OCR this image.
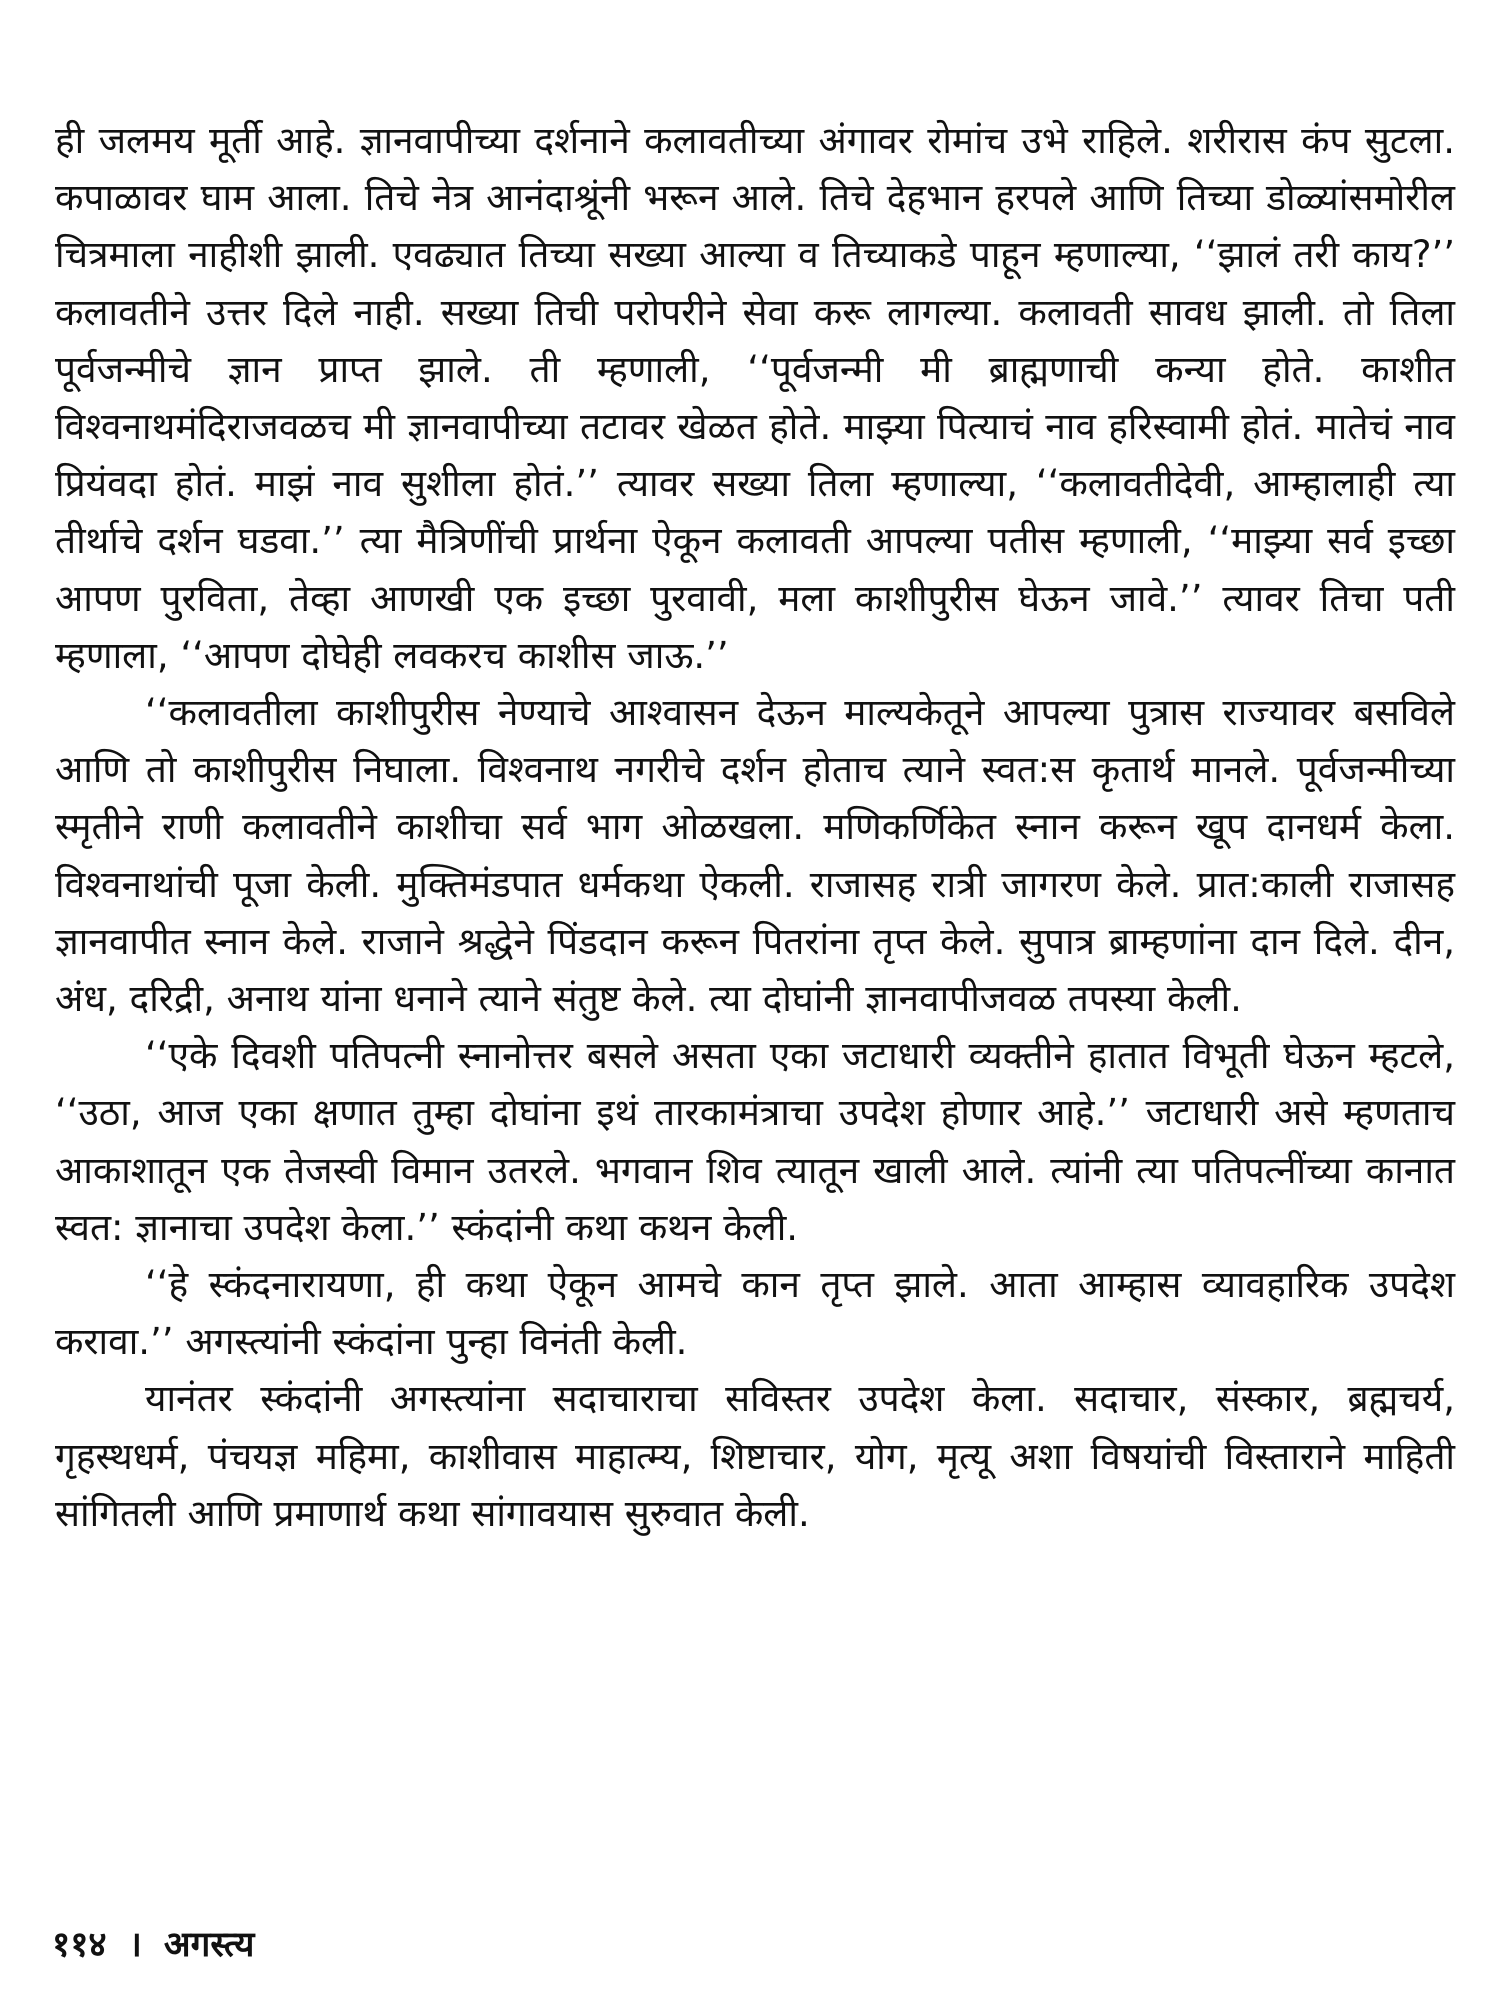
ही जलमय मूर्ती आहे. ज्ञानवापीच्या दर्शनाने कलावतीच्या अंगावर रोमांच उभे राहिले. शरीरास कंप सुटला. कपाळावर घाम आला. तिचे नेत्र आनंदाश्रूंनी भरून आले. तिचे देहभान हरपले आणि तिच्या डोळ्यांसमोरील चित्रमाला नाहीशी झाली. एवढ्यात तिच्या सख्या आल्या व तिच्याकडे पाहून म्हणाल्या, ‘‘झालं तरी काय?’’ कलावतीने उत्तर दिले नाही. सख्या तिची परोपरीने सेवा करू लागल्या. कलावती सावध झाली. तो तिला पूर्वजन्मीचे ज्ञान प्राप्त झाले. ती म्हणाली, ‘‘पूर्वजन्मी मी ब्राह्मणाची कन्या होते. काशीत विश्वनाथमंदिराजवळच मी ज्ञानवापीच्या तटावर खेळत होते. माझ्या पित्याचं नाव हरिस्वामी होतं. मातेचं नाव प्रियंवदा होतं. माझं नाव सुशीला होतं.’’ त्यावर सख्या तिला म्हणाल्या, ‘‘कलावतीदेवी, आम्हालाही त्या तीर्थाचे दर्शन घडवा.’’ त्या मैत्रिणींची प्रार्थना ऐकून कलावती आपल्या पतीस म्हणाली, ‘‘माझ्या सर्व इच्छा आपण पुरविता, तेव्हा आणखी एक इच्छा पुरवावी, मला काशीपुरीस घेऊन जावे.’’ त्यावर तिचा पती म्हणाला, ‘‘आपण दोघेही लवकरच काशीस जाऊ.’’

‘‘कलावतीला काशीपुरीस नेण्याचे आश्वासन देऊन माल्यकेतूने आपल्या पुत्रास राज्यावर बसविले आणि तो काशीपुरीस निघाला. विश्वनाथ नगरीचे दर्शन होताच त्याने स्वत:स कृतार्थ मानले. पूर्वजन्मीच्या स्मृतीने राणी कलावतीने काशीचा सर्व भाग ओळखला. मणिकर्णिकेत स्नान करून खूप दानधर्म केला. विश्वनाथांची पूजा केली. मुक्तिमंडपात धर्मकथा ऐकली. राजासह रात्री जागरण केले. प्रात:काली राजासह ज्ञानवापीत स्नान केले. राजाने श्रद्धेने पिंडदान करून पितरांना तृप्त केले. सुपात्र ब्राम्हणांना दान दिले. दीन, अंध, दरिद्री, अनाथ यांना धनाने त्याने संतुष्ट केले. त्या दोघांनी ज्ञानवापीजवळ तपस्या केली.

‘‘एके दिवशी पतिपत्नी स्नानोत्तर बसले असता एका जटाधारी व्यक्तीने हातात विभूती घेऊन म्हटले, ‘‘उठा, आज एका क्षणात तुम्हा दोघांना इथं तारकामंत्राचा उपदेश होणार आहे.’’ जटाधारी असे म्हणताच आकाशातून एक तेजस्वी विमान उतरले. भगवान शिव त्यातून खाली आले. त्यांनी त्या पतिपत्नींच्या कानात स्वत: ज्ञानाचा उपदेश केला.’’ स्कंदांनी कथा कथन केली.

‘‘हे स्कंदनारायणा, ही कथा ऐकून आमचे कान तृप्त झाले. आता आम्हास व्यावहारिक उपदेश करावा.’’ अगस्त्यांनी स्कंदांना पुन्हा विनंती केली.

यानंतर स्कंदांनी अगस्त्यांना सदाचाराचा सविस्तर उपदेश केला. सदाचार, संस्कार, ब्रह्मचर्य, गृहस्थधर्म, पंचयज्ञ महिमा, काशीवास माहात्म्य, शिष्टाचार, योग, मृत्यू अशा विषयांची विस्ताराने माहिती सांगितली आणि प्रमाणार्थ कथा सांगावयास सुरुवात केली.

११४ । अगस्त्य
